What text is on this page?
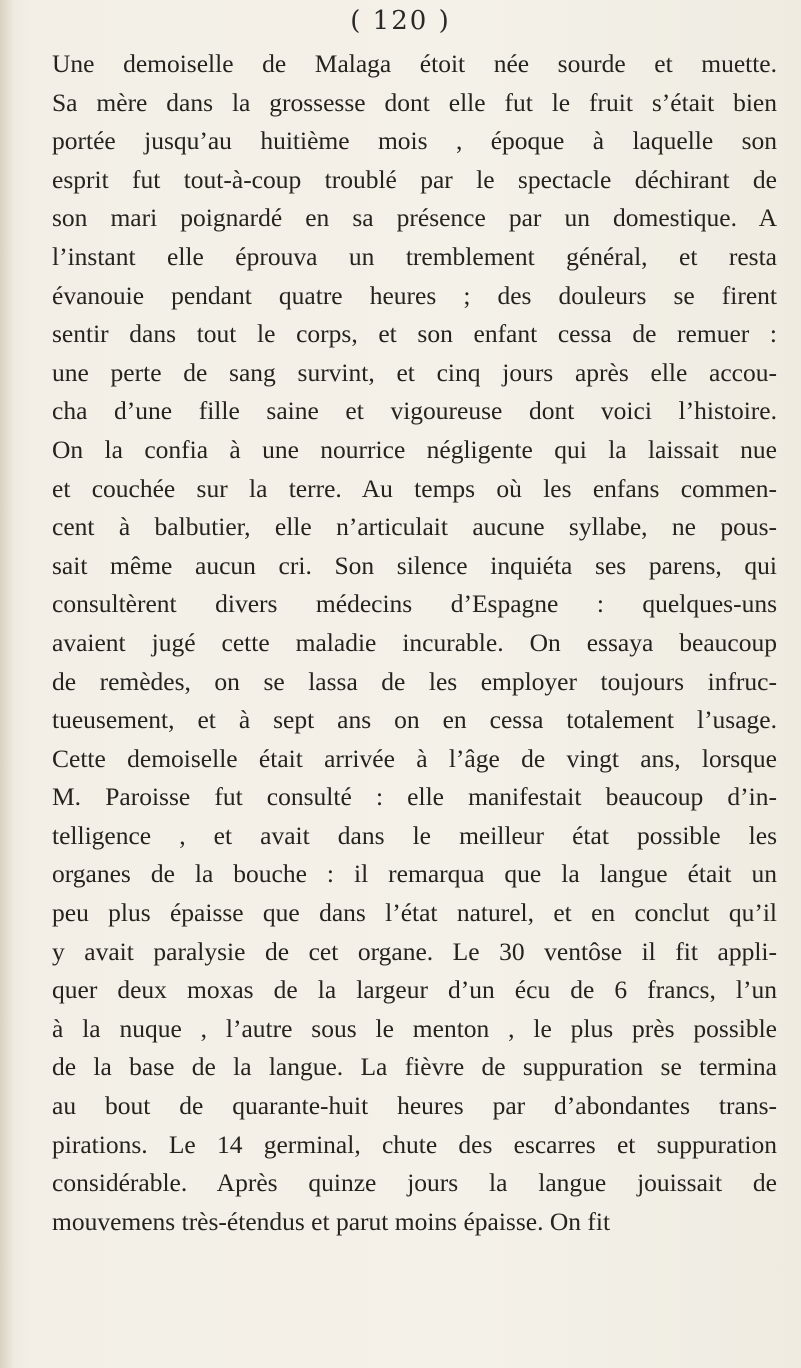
( 120 )
Une demoiselle de Malaga étoit née sourde et muette.
Sa mère dans la grossesse dont elle fut le fruit s’était bien
portée jusqu’au huitième mois , époque à laquelle son
esprit fut tout-à-coup troublé par le spectacle déchirant de
son mari poignardé en sa présence par un domestique. A
l’instant elle éprouva un tremblement général, et resta
évanouie pendant quatre heures ; des douleurs se firent
sentir dans tout le corps, et son enfant cessa de remuer :
une perte de sang survint, et cinq jours après elle accou-
cha d’une fille saine et vigoureuse dont voici l’histoire.
On la confia à une nourrice négligente qui la laissait nue
et couchée sur la terre. Au temps où les enfans commen-
cent à balbutier, elle n’articulait aucune syllabe, ne pous-
sait même aucun cri. Son silence inquiéta ses parens, qui
consultèrent divers médecins d’Espagne : quelques-uns
avaient jugé cette maladie incurable. On essaya beaucoup
de remèdes, on se lassa de les employer toujours infruc-
tueusement, et à sept ans on en cessa totalement l’usage.
Cette demoiselle était arrivée à l’âge de vingt ans, lorsque
M. Paroisse fut consulté : elle manifestait beaucoup d’in-
telligence , et avait dans le meilleur état possible les
organes de la bouche : il remarqua que la langue était un
peu plus épaisse que dans l’état naturel, et en conclut qu’il
y avait paralysie de cet organe. Le 30 ventôse il fit appli-
quer deux moxas de la largeur d’un écu de 6 francs, l’un
à la nuque , l’autre sous le menton , le plus près possible
de la base de la langue. La fièvre de suppuration se termina
au bout de quarante-huit heures par d’abondantes trans-
pirations. Le 14 germinal, chute des escarres et suppuration
considérable. Après quinze jours la langue jouissait de
mouvemens très-étendus et parut moins épaisse. On fit
